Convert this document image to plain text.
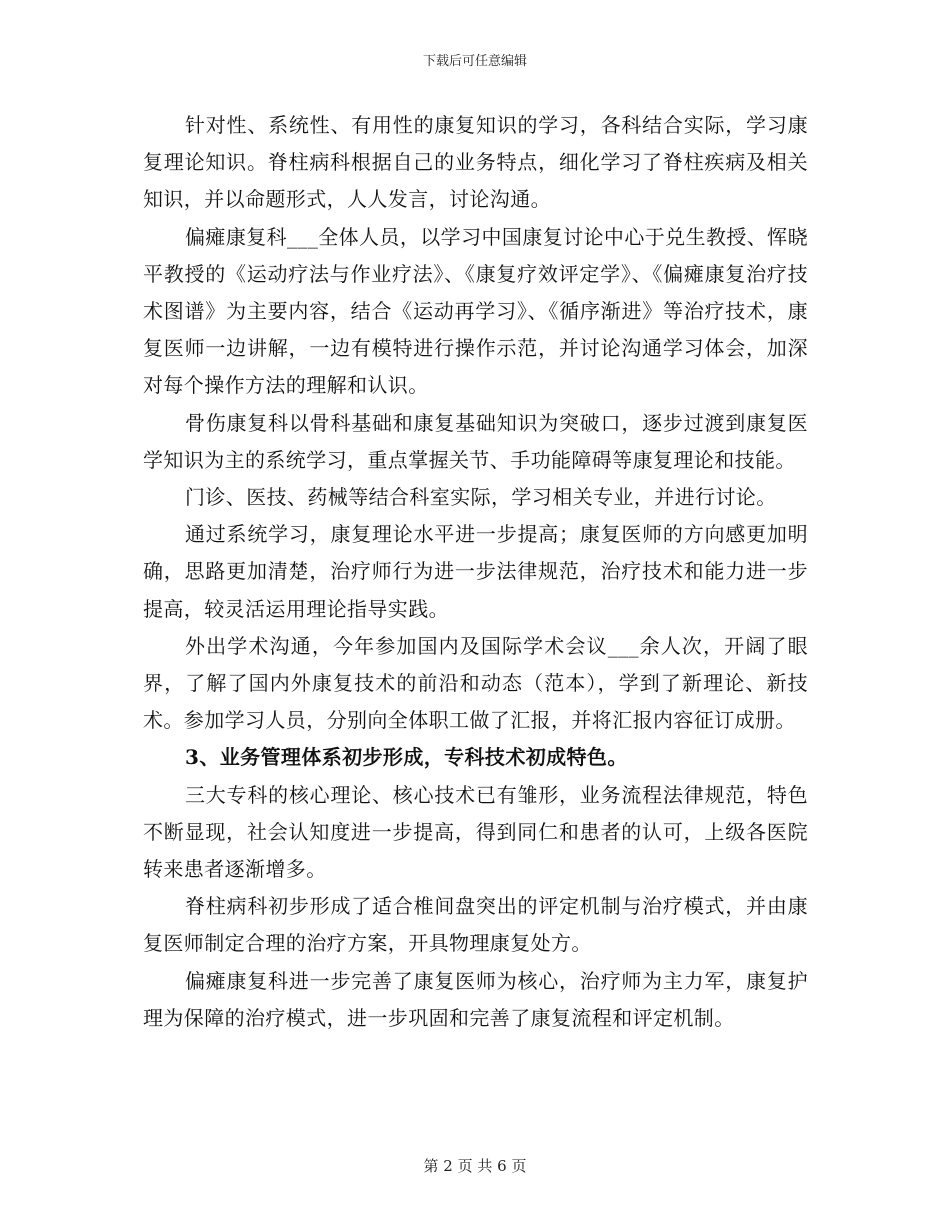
下载后可任意编辑

针对性、系统性、有用性的康复知识的学习，各科结合实际，学习康复理论知识。脊柱病科根据自己的业务特点，细化学习了脊柱疾病及相关知识，并以命题形式，人人发言，讨论沟通。

偏瘫康复科___全体人员，以学习中国康复讨论中心于兑生教授、恽晓平教授的《运动疗法与作业疗法》、《康复疗效评定学》、《偏瘫康复治疗技术图谱》为主要内容，结合《运动再学习》、《循序渐进》等治疗技术，康复医师一边讲解，一边有模特进行操作示范，并讨论沟通学习体会，加深对每个操作方法的理解和认识。

骨伤康复科以骨科基础和康复基础知识为突破口，逐步过渡到康复医学知识为主的系统学习，重点掌握关节、手功能障碍等康复理论和技能。

门诊、医技、药械等结合科室实际，学习相关专业，并进行讨论。

通过系统学习，康复理论水平进一步提高；康复医师的方向感更加明确，思路更加清楚，治疗师行为进一步法律规范，治疗技术和能力进一步提高，较灵活运用理论指导实践。

外出学术沟通，今年参加国内及国际学术会议___余人次，开阔了眼界，了解了国内外康复技术的前沿和动态（范本），学到了新理论、新技术。参加学习人员，分别向全体职工做了汇报，并将汇报内容征订成册。

3、业务管理体系初步形成，专科技术初成特色。

三大专科的核心理论、核心技术已有雏形，业务流程法律规范，特色不断显现，社会认知度进一步提高，得到同仁和患者的认可，上级各医院转来患者逐渐增多。

脊柱病科初步形成了适合椎间盘突出的评定机制与治疗模式，并由康复医师制定合理的治疗方案，开具物理康复处方。

偏瘫康复科进一步完善了康复医师为核心，治疗师为主力军，康复护理为保障的治疗模式，进一步巩固和完善了康复流程和评定机制。

第 2 页 共 6 页
